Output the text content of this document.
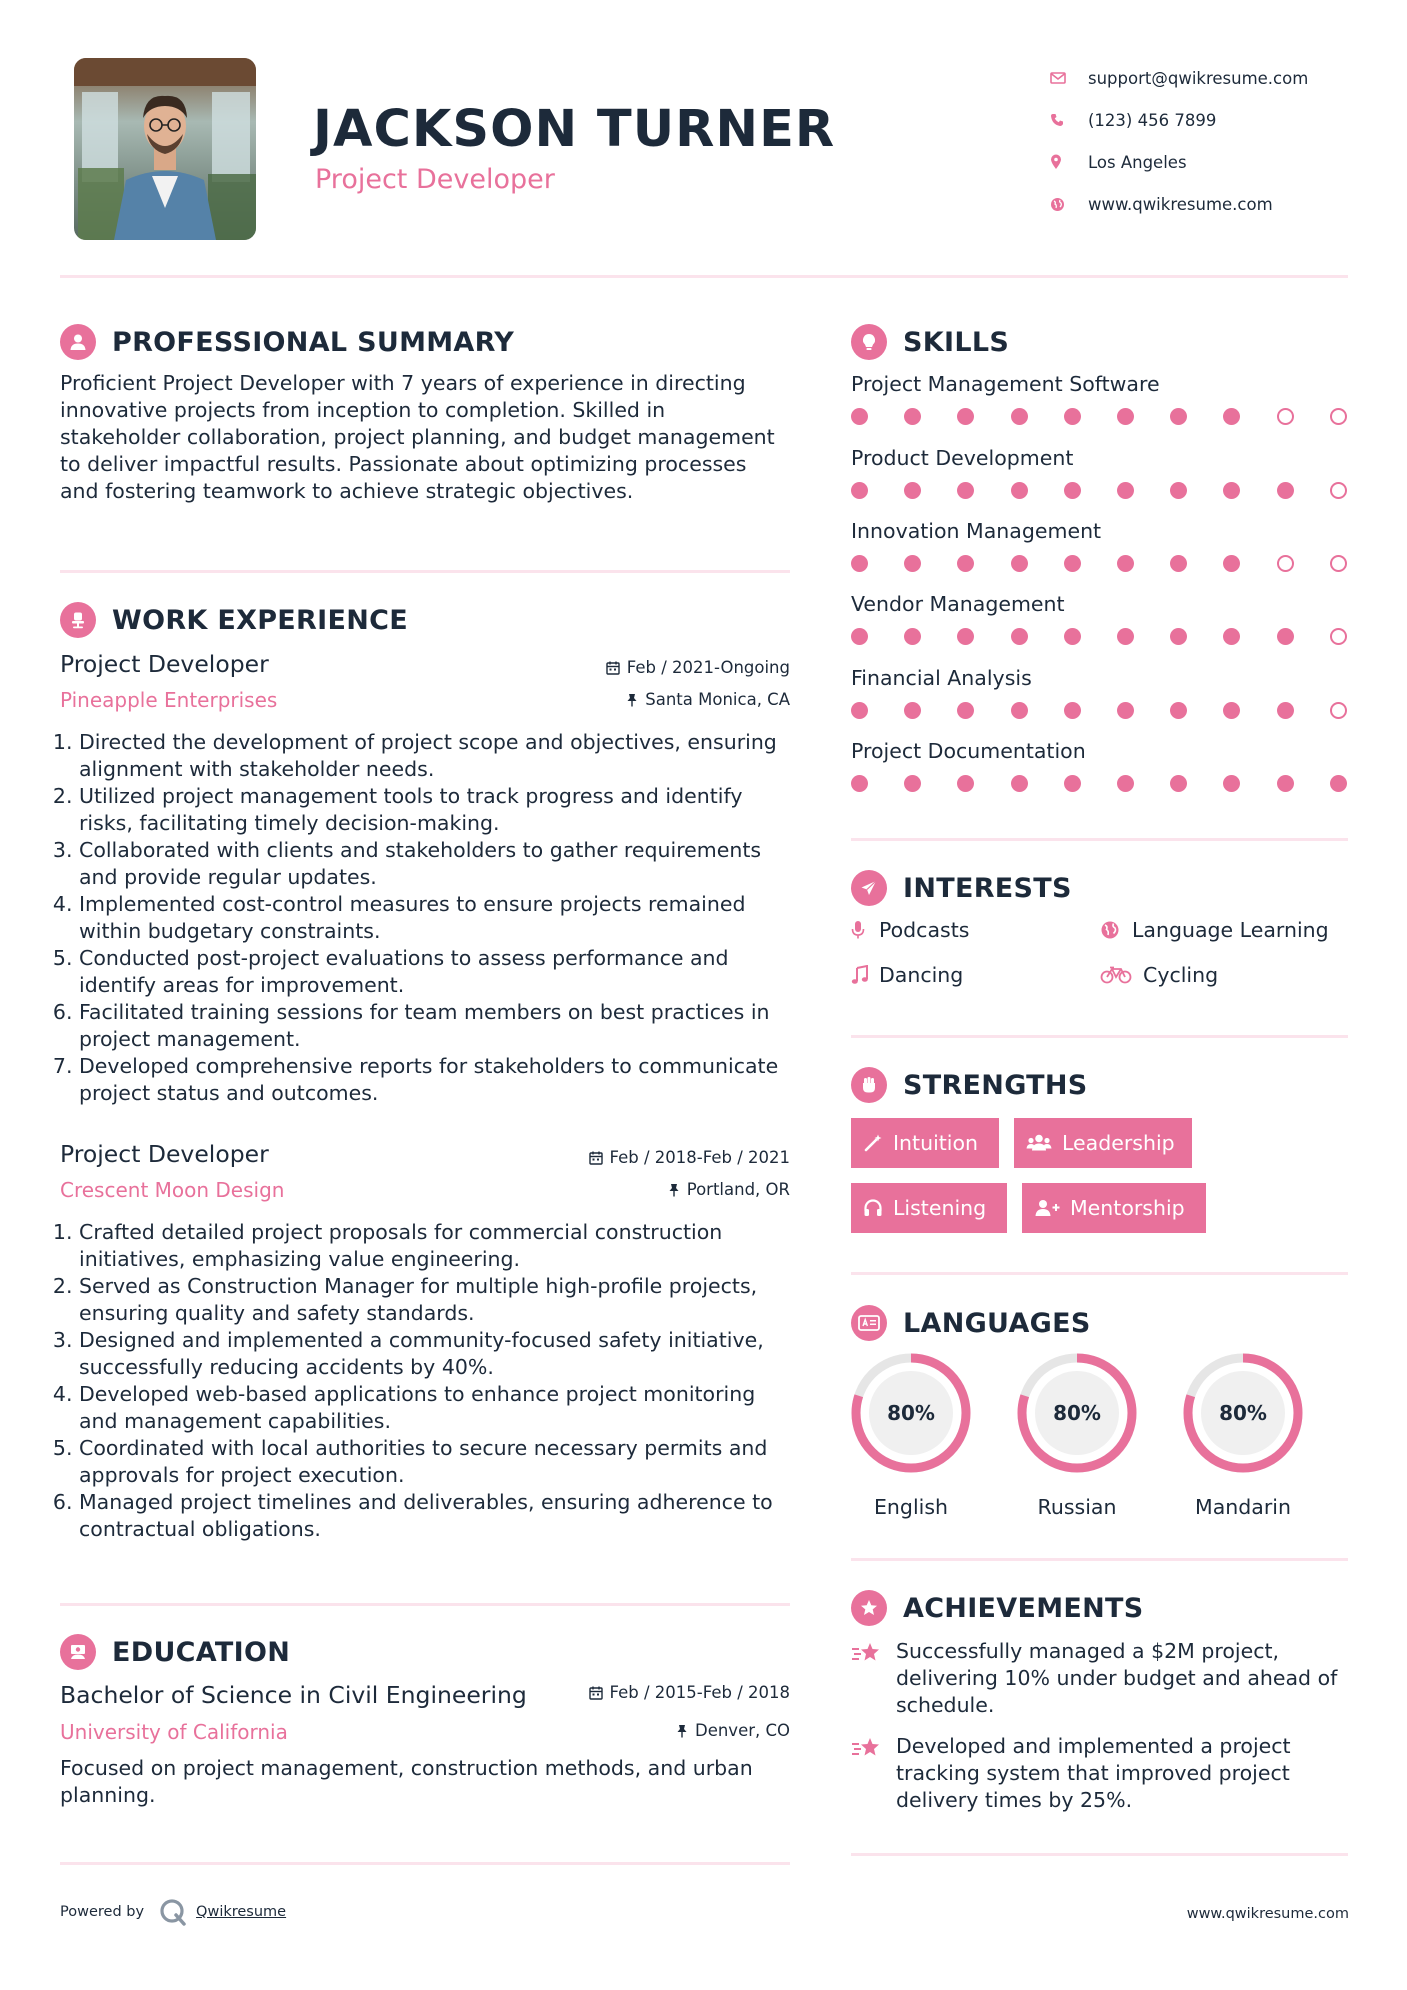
JACKSON TURNER
Project Developer
support@qwikresume.com
(123) 456 7899
Los Angeles
www.qwikresume.com
PROFESSIONAL SUMMARY
Proficient Project Developer with 7 years of experience in directing innovative projects from inception to completion. Skilled in stakeholder collaboration, project planning, and budget management to deliver impactful results. Passionate about optimizing processes and fostering teamwork to achieve strategic objectives.
WORK EXPERIENCE
Project Developer	Feb / 2021-Ongoing
Pineapple Enterprises	Santa Monica, CA
1. Directed the development of project scope and objectives, ensuring alignment with stakeholder needs.
2. Utilized project management tools to track progress and identify risks, facilitating timely decision-making.
3. Collaborated with clients and stakeholders to gather requirements and provide regular updates.
4. Implemented cost-control measures to ensure projects remained within budgetary constraints.
5. Conducted post-project evaluations to assess performance and identify areas for improvement.
6. Facilitated training sessions for team members on best practices in project management.
7. Developed comprehensive reports for stakeholders to communicate project status and outcomes.
Project Developer	Feb / 2018-Feb / 2021
Crescent Moon Design	Portland, OR
1. Crafted detailed project proposals for commercial construction initiatives, emphasizing value engineering.
2. Served as Construction Manager for multiple high-profile projects, ensuring quality and safety standards.
3. Designed and implemented a community-focused safety initiative, successfully reducing accidents by 40%.
4. Developed web-based applications to enhance project monitoring and management capabilities.
5. Coordinated with local authorities to secure necessary permits and approvals for project execution.
6. Managed project timelines and deliverables, ensuring adherence to contractual obligations.
EDUCATION
Bachelor of Science in Civil Engineering	Feb / 2015-Feb / 2018
University of California	Denver, CO
Focused on project management, construction methods, and urban planning.
SKILLS
Project Management Software
Product Development
Innovation Management
Vendor Management
Financial Analysis
Project Documentation
INTERESTS
Podcasts	Language Learning
Dancing	Cycling
STRENGTHS
Intuition	Leadership
Listening	Mentorship
LANGUAGES
80%
English
80%
Russian
80%
Mandarin
ACHIEVEMENTS
Successfully managed a $2M project, delivering 10% under budget and ahead of schedule.
Developed and implemented a project tracking system that improved project delivery times by 25%.
Powered by	Qwikresume	www.qwikresume.com
